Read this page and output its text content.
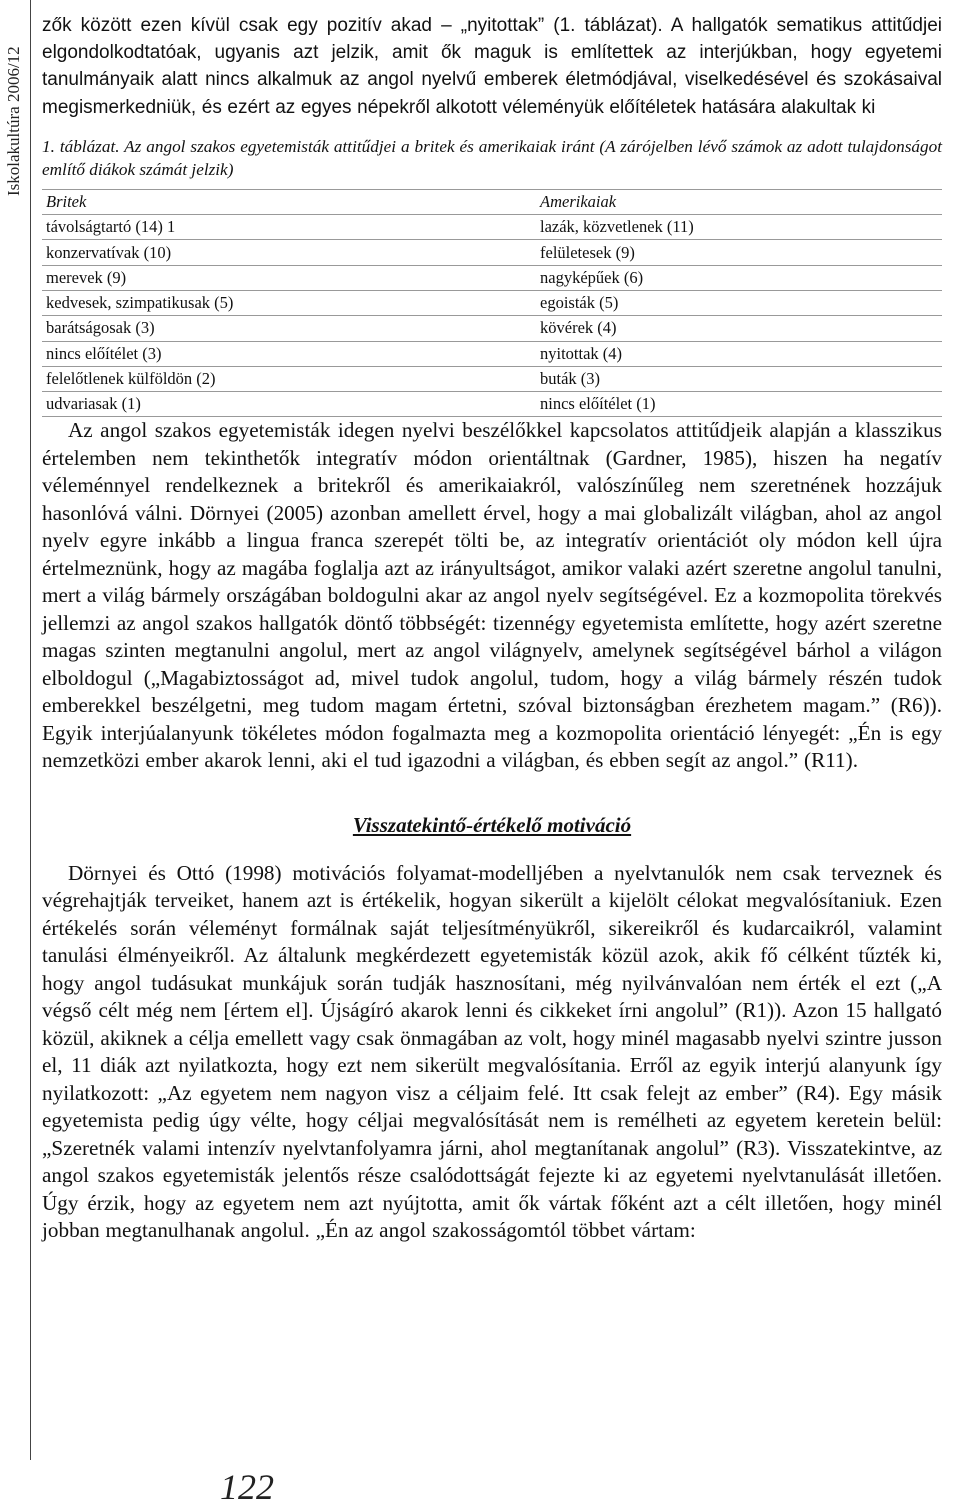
Iskolakultúra 2006/12

zők között ezen kívül csak egy pozitív akad – „nyitottak” (1. táblázat). A hallgatók sematikus attitűdjei elgondolkodtatóak, ugyanis azt jelzik, amit ők maguk is említettek az interjúkban, hogy egyetemi tanulmányaik alatt nincs alkalmuk az angol nyelvű emberek életmódjával, viselkedésével és szokásaival megismerkedniük, és ezért az egyes népekről alkotott véleményük előítéletek hatására alakultak ki

1. táblázat. Az angol szakos egyetemisták attitűdjei a britek és amerikaiak iránt (A zárójelben lévő számok az adott tulajdonságot említő diákok számát jelzik)
Britek	Amerikaiak
távolságtartó (14) 1	lazák, közvetlenek (11)
konzervatívak (10)	felületesek (9)
merevek (9)	nagyképűek (6)
kedvesek, szimpatikusak (5)	egoisták (5)
barátságosak (3)	kövérek (4)
nincs előítélet (3)	nyitottak (4)
felelőtlenek külföldön (2)	buták (3)
udvariasak (1)	nincs előítélet (1)

Az angol szakos egyetemisták idegen nyelvi beszélőkkel kapcsolatos attitűdjeik alapján a klasszikus értelemben nem tekinthetők integratív módon orientáltnak (Gardner, 1985), hiszen ha negatív véleménnyel rendelkeznek a britekről és amerikaiakról, valószínűleg nem szeretnének hozzájuk hasonlóvá válni. Dörnyei (2005) azonban amellett érvel, hogy a mai globalizált világban, ahol az angol nyelv egyre inkább a lingua franca szerepét tölti be, az integratív orientációt oly módon kell újra értelmeznünk, hogy az magába foglalja azt az irányultságot, amikor valaki azért szeretne angolul tanulni, mert a világ bármely országában boldogulni akar az angol nyelv segítségével. Ez a kozmopolita törekvés jellemzi az angol szakos hallgatók döntő többségét: tizennégy egyetemista említette, hogy azért szeretne magas szinten megtanulni angolul, mert az angol világnyelv, amelynek segítségével bárhol a világon elboldogul („Magabiztosságot ad, mivel tudok angolul, tudom, hogy a világ bármely részén tudok emberekkel beszélgetni, meg tudom magam értetni, szóval biztonságban érezhetem magam.” (R6)). Egyik interjúalanyunk tökéletes módon fogalmazta meg a kozmopolita orientáció lényegét: „Én is egy nemzetközi ember akarok lenni, aki el tud igazodni a világban, és ebben segít az angol.” (R11).

Visszatekintő-értékelő motiváció

Dörnyei és Ottó (1998) motivációs folyamat-modelljében a nyelvtanulók nem csak terveznek és végrehajtják terveiket, hanem azt is értékelik, hogyan sikerült a kijelölt célokat megvalósítaniuk. Ezen értékelés során véleményt formálnak saját teljesítményükről, sikereikről és kudarcaikról, valamint tanulási élményeikről. Az általunk megkérdezett egyetemisták közül azok, akik fő célként tűzték ki, hogy angol tudásukat munkájuk során tudják hasznosítani, még nyilvánvalóan nem érték el ezt („A végső célt még nem [értem el]. Újságíró akarok lenni és cikkeket írni angolul” (R1)). Azon 15 hallgató közül, akiknek a célja emellett vagy csak önmagában az volt, hogy minél magasabb nyelvi szintre jusson el, 11 diák azt nyilatkozta, hogy ezt nem sikerült megvalósítania. Erről az egyik interjú alanyunk így nyilatkozott: „Az egyetem nem nagyon visz a céljaim felé. Itt csak felejt az ember” (R4). Egy másik egyetemista pedig úgy vélte, hogy céljai megvalósítását nem is remélheti az egyetem keretein belül: „Szeretnék valami intenzív nyelvtanfolyamra járni, ahol megtanítanak angolul” (R3). Visszatekintve, az angol szakos egyetemisták jelentős része csalódottságát fejezte ki az egyetemi nyelvtanulását illetően. Úgy érzik, hogy az egyetem nem azt nyújtotta, amit ők vártak főként azt a célt illetően, hogy minél jobban megtanulhanak angolul. „Én az angol szakosságomtól többet vártam:

122
